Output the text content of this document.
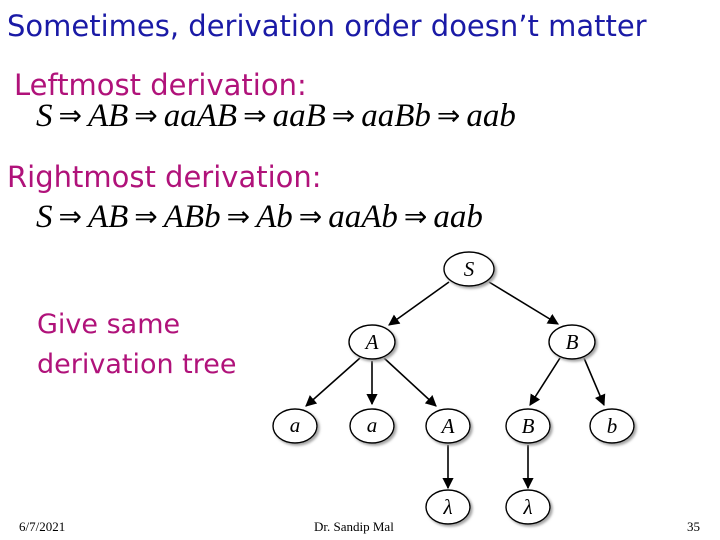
Sometimes, derivation order doesn’t matter
Leftmost derivation:
S ⇒ AB ⇒ aaAB ⇒ aaB ⇒ aaBb ⇒ aab
Rightmost derivation:
S ⇒ AB ⇒ ABb ⇒ Ab ⇒ aaAb ⇒ aab
Give same
derivation tree
S
A	B
a	a	A	B	b
λ	λ
6/7/2021	Dr. Sandip Mal	35
